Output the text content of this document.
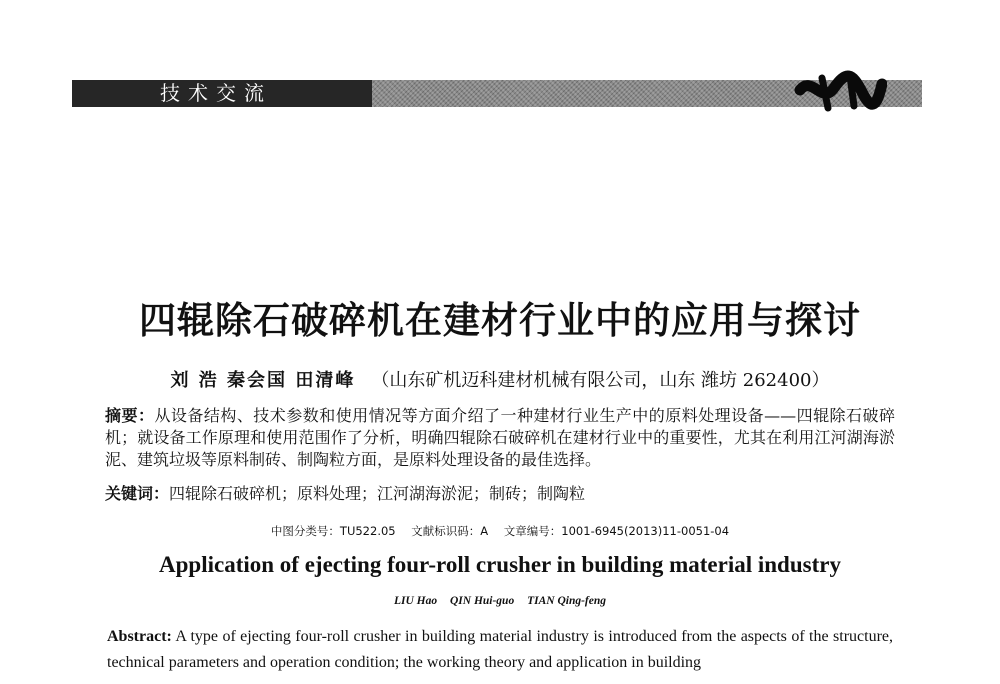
技术交流
四辊除石破碎机在建材行业中的应用与探讨
刘 浩 秦会国 田清峰 （山东矿机迈科建材机械有限公司，山东 潍坊 262400）
摘要：从设备结构、技术参数和使用情况等方面介绍了一种建材行业生产中的原料处理设备——四辊除石破碎机；就设备工作原理和使用范围作了分析，明确四辊除石破碎机在建材行业中的重要性，尤其在利用江河湖海淤泥、建筑垃圾等原料制砖、制陶粒方面，是原料处理设备的最佳选择。
关键词：四辊除石破碎机；原料处理；江河湖海淤泥；制砖；制陶粒
中图分类号：TU522.05 文献标识码：A 文章编号：1001-6945(2013)11-0051-04
Application of ejecting four-roll crusher in building material industry
LIU Hao QIN Hui-guo TIAN Qing-feng
Abstract: A type of ejecting four-roll crusher in building material industry is introduced from the aspects of the structure, technical parameters and operation condition; the working theory and application in building
